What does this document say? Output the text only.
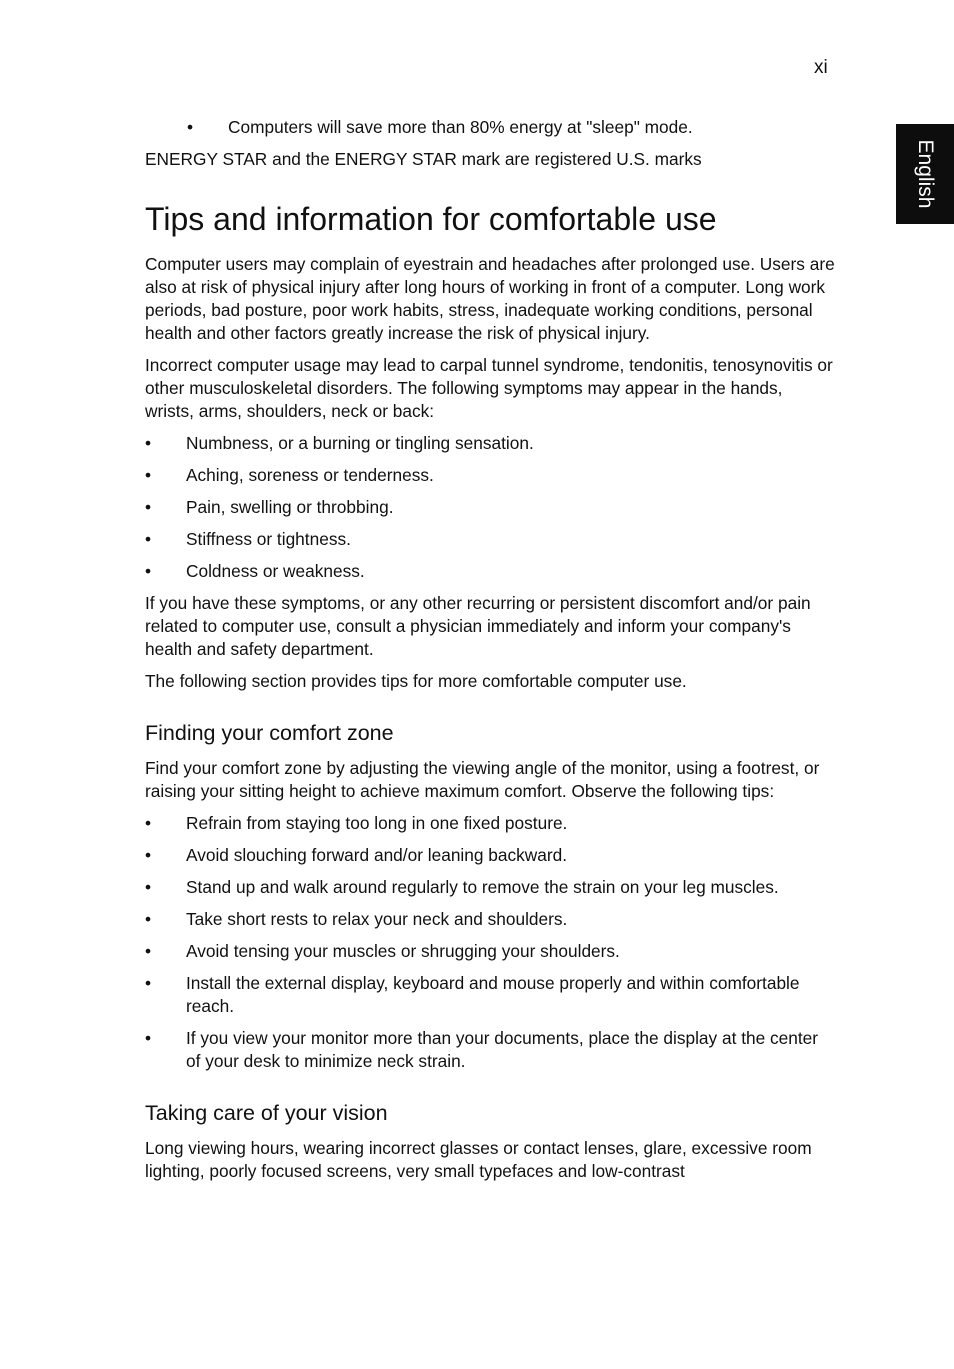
xi
English
• Computers will save more than 80% energy at "sleep" mode.

ENERGY STAR and the ENERGY STAR mark are registered U.S. marks

Tips and information for comfortable use

Computer users may complain of eyestrain and headaches after prolonged use. Users are also at risk of physical injury after long hours of working in front of a computer. Long work periods, bad posture, poor work habits, stress, inadequate working conditions, personal health and other factors greatly increase the risk of physical injury.

Incorrect computer usage may lead to carpal tunnel syndrome, tendonitis, tenosynovitis or other musculoskeletal disorders. The following symptoms may appear in the hands, wrists, arms, shoulders, neck or back:

• Numbness, or a burning or tingling sensation.
• Aching, soreness or tenderness.
• Pain, swelling or throbbing.
• Stiffness or tightness.
• Coldness or weakness.

If you have these symptoms, or any other recurring or persistent discomfort and/or pain related to computer use, consult a physician immediately and inform your company's health and safety department.

The following section provides tips for more comfortable computer use.

Finding your comfort zone

Find your comfort zone by adjusting the viewing angle of the monitor, using a footrest, or raising your sitting height to achieve maximum comfort. Observe the following tips:

• Refrain from staying too long in one fixed posture.
• Avoid slouching forward and/or leaning backward.
• Stand up and walk around regularly to remove the strain on your leg muscles.
• Take short rests to relax your neck and shoulders.
• Avoid tensing your muscles or shrugging your shoulders.
• Install the external display, keyboard and mouse properly and within comfortable reach.
• If you view your monitor more than your documents, place the display at the center of your desk to minimize neck strain.
Taking care of your vision

Long viewing hours, wearing incorrect glasses or contact lenses, glare, excessive room lighting, poorly focused screens, very small typefaces and low-contrast
